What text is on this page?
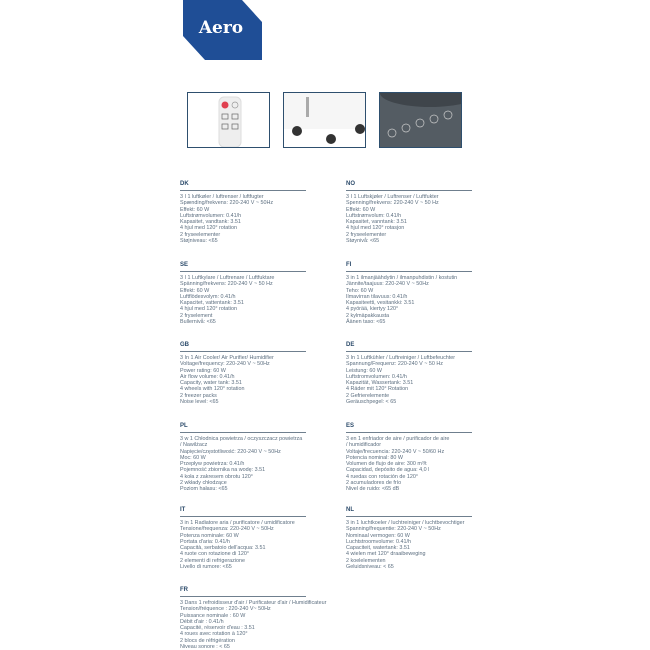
Aero
DK
3 I 1 luftkøler / luftrenser / luftfugter
Spænding/frekvens: 220-240 V ~ 50Hz
Effekt: 60 W
Luftstrømvolumen: 0.41/h
Kapasitet, vandtank: 3.51
4 hjul med 120° rotation
2 fryseelementer
Støjniveau: <65
NO
3 I 1 Luftskjøler / Luftrenser / Luftfukter
Spenning/frekvens: 220-240 V ~ 50 Hz
Effekt: 60 W
Luftstrømvolum: 0.41/h
Kapasitet, vanntank: 3.51
4 hjul med 120° rotasjon
2 fryseelementer
Støynivå: <65
SE
3 I 1 Luftkylare / Luftrenare / Luftfuktare
Spänning/frekvens: 220-240 V ~ 50 Hz
Effekt: 60 W
Luftflödesvolym: 0.41/h
Kapacitet, vattentank: 3.51
4 hjul med 120° rotation
2 fryselement
Bullernivå: <65
FI
3 in 1 ilmanjäähdytin / ilmanpuhdistin / kostutin
Jännite/taajuus: 220-240 V ~ 50Hz
Teho: 60 W
Ilmavirran tilavuus: 0.41/h
Kapasiteetti, vesitankki: 3.51
4 pyörää, kiertyy 120°
2 kylmäpakkausta
Äänen taso: <65
GB
3 In 1 Air Cooler/ Air Purifier/ Humidifier
Voltage/frequency: 220-240 V ~ 50Hz
Power rating: 60 W
Air flow volume: 0.41/h
Capacity, water tank: 3.51
4 wheels with 120° rotation
2 freezer packs
Noise level: <65
DE
3 In 1 Luftkühler / Luftreiniger / Luftbefeuchter
Spannung/Frequenz: 220-240 V ~ 50 Hz
Leistung: 60 W
Luftstromvolumen: 0.41/h
Kapazität, Wassertank: 3.51
4 Räder mit 120° Rotation
2 Gefrierelemente
Geräuschpegel: < 65
PL
3 w 1 Chłodnica powietrza / oczyszczacz powietrza
/ Nawilżacz
Napięcie/częstotliwość: 220-240 V ~ 50Hz
Moc: 60 W
Przepływ powietrza: 0.41/h
Pojemność zbiornika na wodę: 3.51
4 koła z zakresem obrotu 120°
2 wkłady chłodzące
Poziom hałasu: <65
ES
3 en 1 enfriador de aire / purificador de aire
/ humidificador
Voltaje/frecuencia: 220-240 V ~ 50/60 Hz
Potencia nominal: 80 W
Volumen de flujo de aire: 300 m³/t
Capacidad, depósito de agua: 4,0 l
4 ruedas con rotación de 120°
2 acumuladores de frío
Nivel de ruido: <65 dB
IT
3 in 1 Radiatore aria / purificatore / umidificatore
Tensione/frequenza: 220-240 V ~ 50Hz
Potenza nominale: 60 W
Portata d'aria: 0.41/h
Capacità, serbatoio dell'acqua: 3.51
4 ruote con rotazione di 120°
2 elementi di refrigerazione
Livello di rumore: <65
NL
3 in 1 luchtkoeler / luchtreiniger / luchtbevochtiger
Spanning/frequentie: 220-240 V ~ 50Hz
Nominaal vermogen: 60 W
Luchtstroomvolume: 0.41/h
Capaciteit, watertank: 3.51
4 wielen met 120° draaibeweging
2 koelelementen
Geluidsniveau: < 65
FR
3 Dans 1 refroidisseur d'air / Purificateur d'air / Humidificateur
Tension/fréquence : 220-240 V~ 50Hz
Puissance nominale : 60 W
Débit d'air : 0.41/h
Capacité, réservoir d'eau : 3.51
4 roues avec rotation à 120°
2 blocs de réfrigération
Niveau sonore : < 65
